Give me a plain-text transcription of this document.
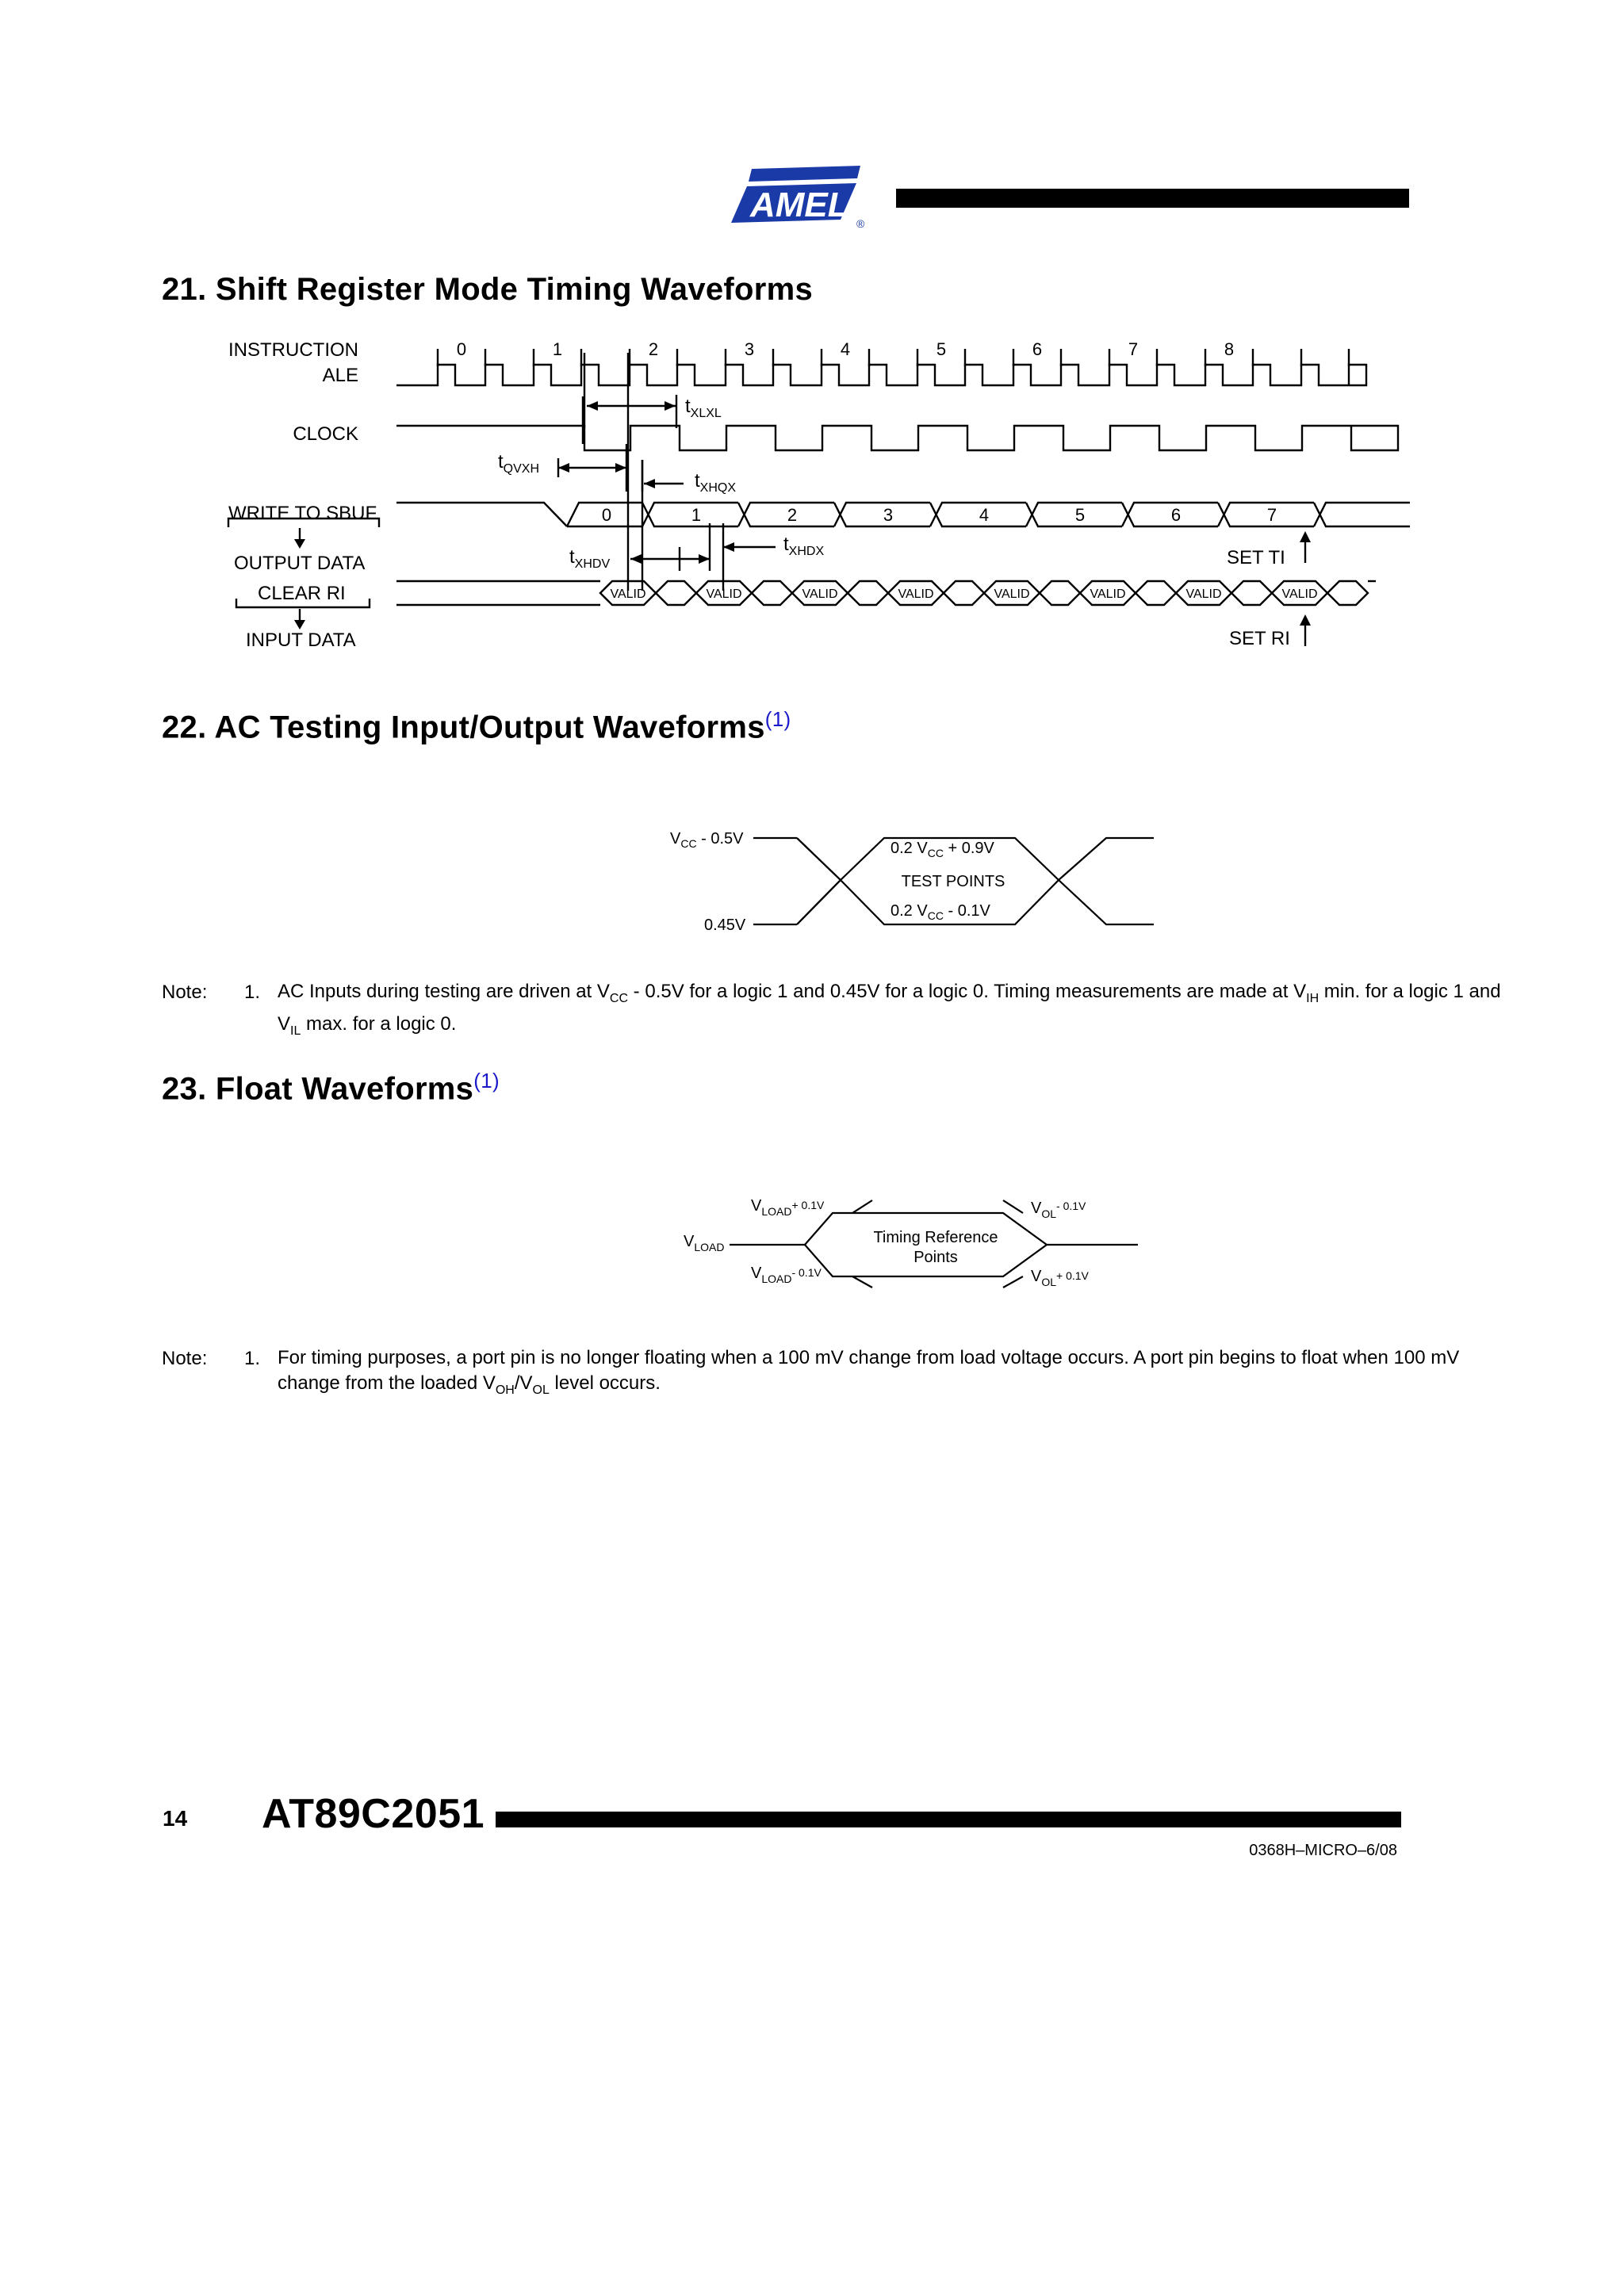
AMEL ®
21. Shift Register Mode Timing Waveforms
INSTRUCTION
ALE
CLOCK
WRITE TO SBUF
OUTPUT DATA
CLEAR RI
INPUT DATA
SET TI
SET RI
0	1	2	3	4	5	6	7	8
0	1	2	3	4	5	6	7
VALID	VALID	VALID	VALID	VALID	VALID	VALID	VALID
$t_{XLXL}$
$t_{QVXH}$
$t_{XHQX}$
$t_{XHDX}$
$t_{XHDV}$
22. AC Testing Input/Output Waveforms$^{(1)}$
$V_{CC} - 0.5V$
0.45V
0.2 $V_{CC} + 0.9V$
TEST POINTS
0.2 $V_{CC} - 0.1V$
Note: 1. AC Inputs during testing are driven at $V_{CC} - 0.5V$ for a logic 1 and 0.45V for a logic 0. Timing measurements are made at $V_{IH}$ min. for a logic 1 and $V_{IL}$ max. for a logic 0.
23. Float Waveforms$^{(1)}$
$V_{LOAD}^{+ 0.1V}$
$V_{LOAD}$
$V_{LOAD}^{- 0.1V}$
$V_{OL}^{- 0.1V}$
$V_{OL}^{+ 0.1V}$
Timing Reference
Points
Note: 1. For timing purposes, a port pin is no longer floating when a 100 mV change from load voltage occurs. A port pin begins to float when 100 mV change from the loaded $V_{OH}/V_{OL}$ level occurs.
14 AT89C2051
0368H–MICRO–6/08
